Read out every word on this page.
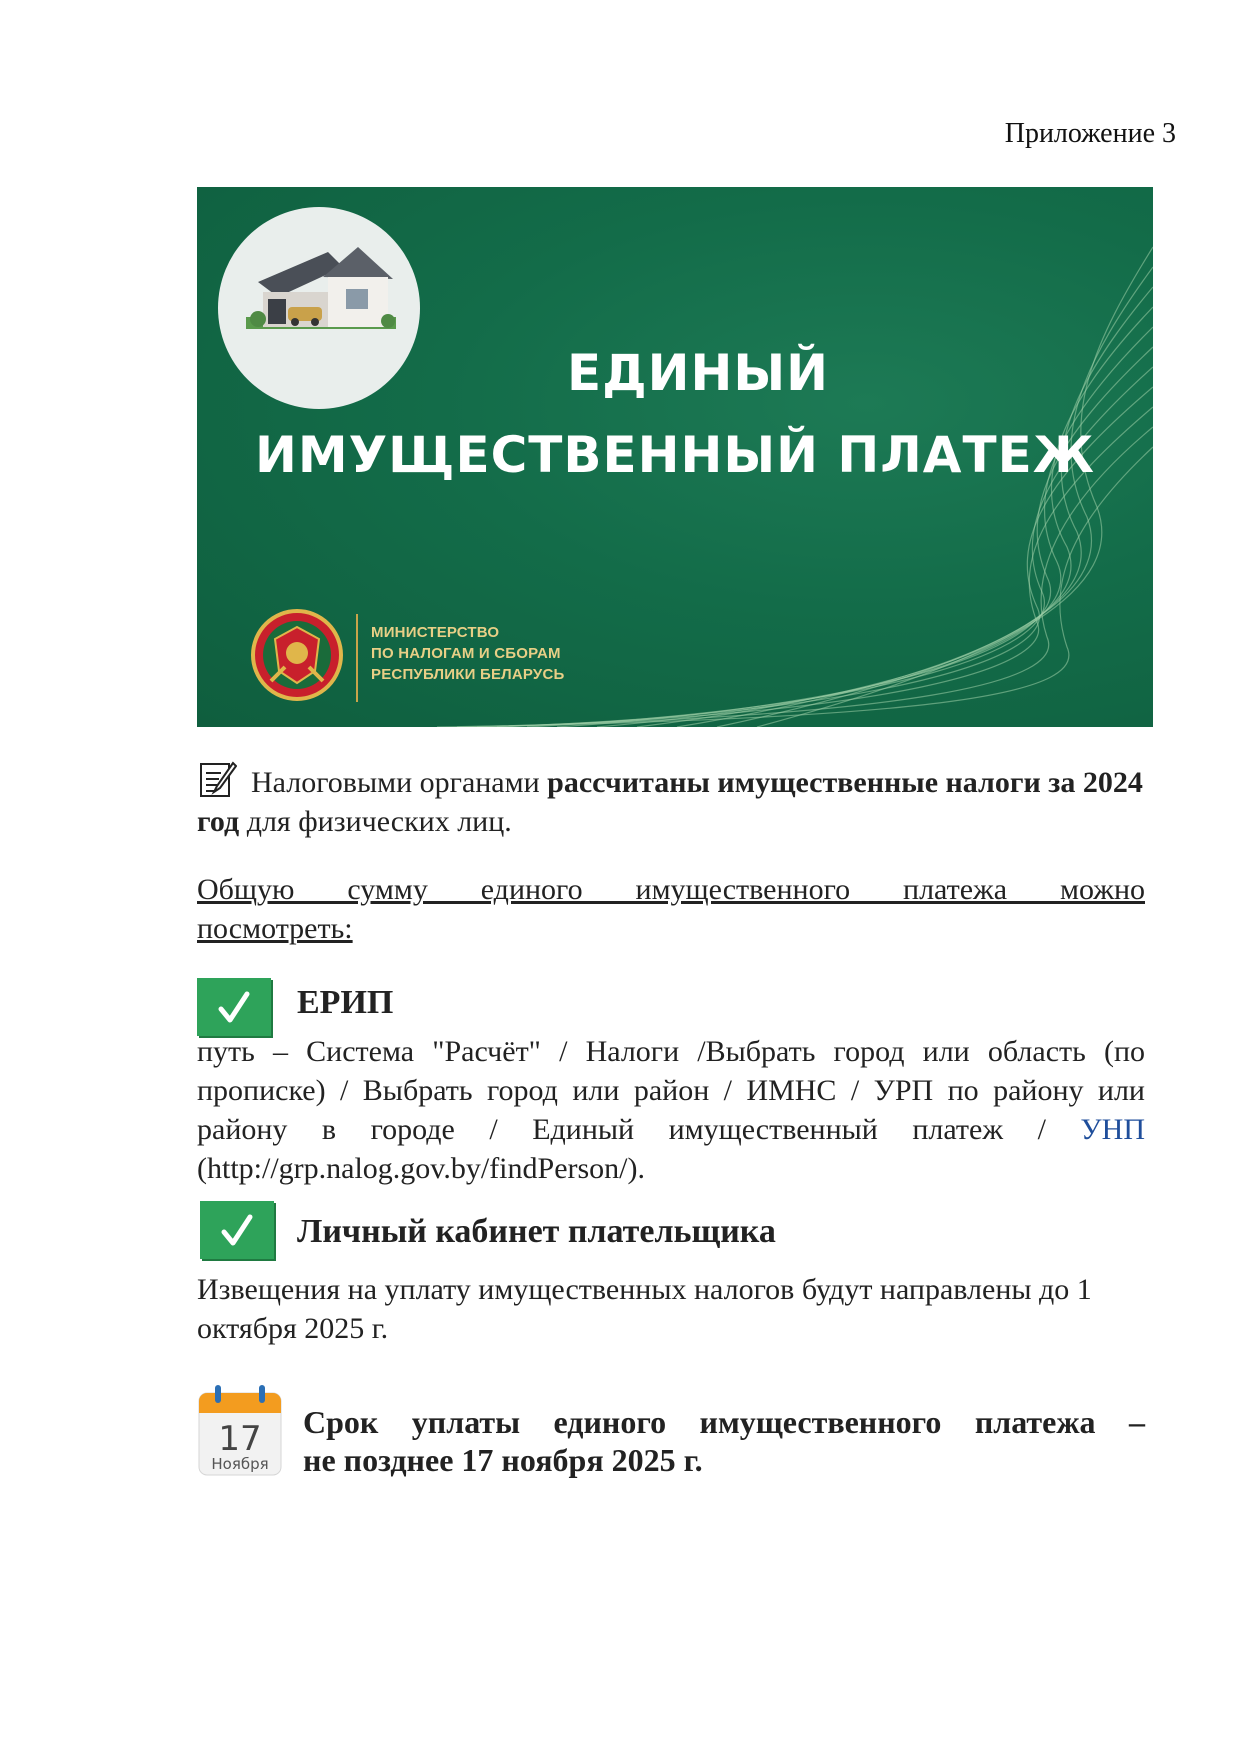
Приложение 3
ЕДИНЫЙ
ИМУЩЕСТВЕННЫЙ ПЛАТЕЖ
МИНИСТЕРСТВО
ПО НАЛОГАМ И СБОРАМ
РЕСПУБЛИКИ БЕЛАРУСЬ
Налоговыми органами рассчитаны имущественные налоги за 2024 год для физических лиц.
Общую сумму единого имущественного платежа можно
посмотреть:
ЕРИП
путь – Система "Расчёт" / Налоги /Выбрать город или область (по прописке) / Выбрать город или район / ИМНС / УРП по району или району в городе / Единый имущественный платеж / УНП (http://grp.nalog.gov.by/findPerson/).
Личный кабинет плательщика
Извещения на уплату имущественных налогов будут направлены до 1 октября 2025 г.
17
Ноября
Срок уплаты единого имущественного платежа –
не позднее 17 ноября 2025 г.
